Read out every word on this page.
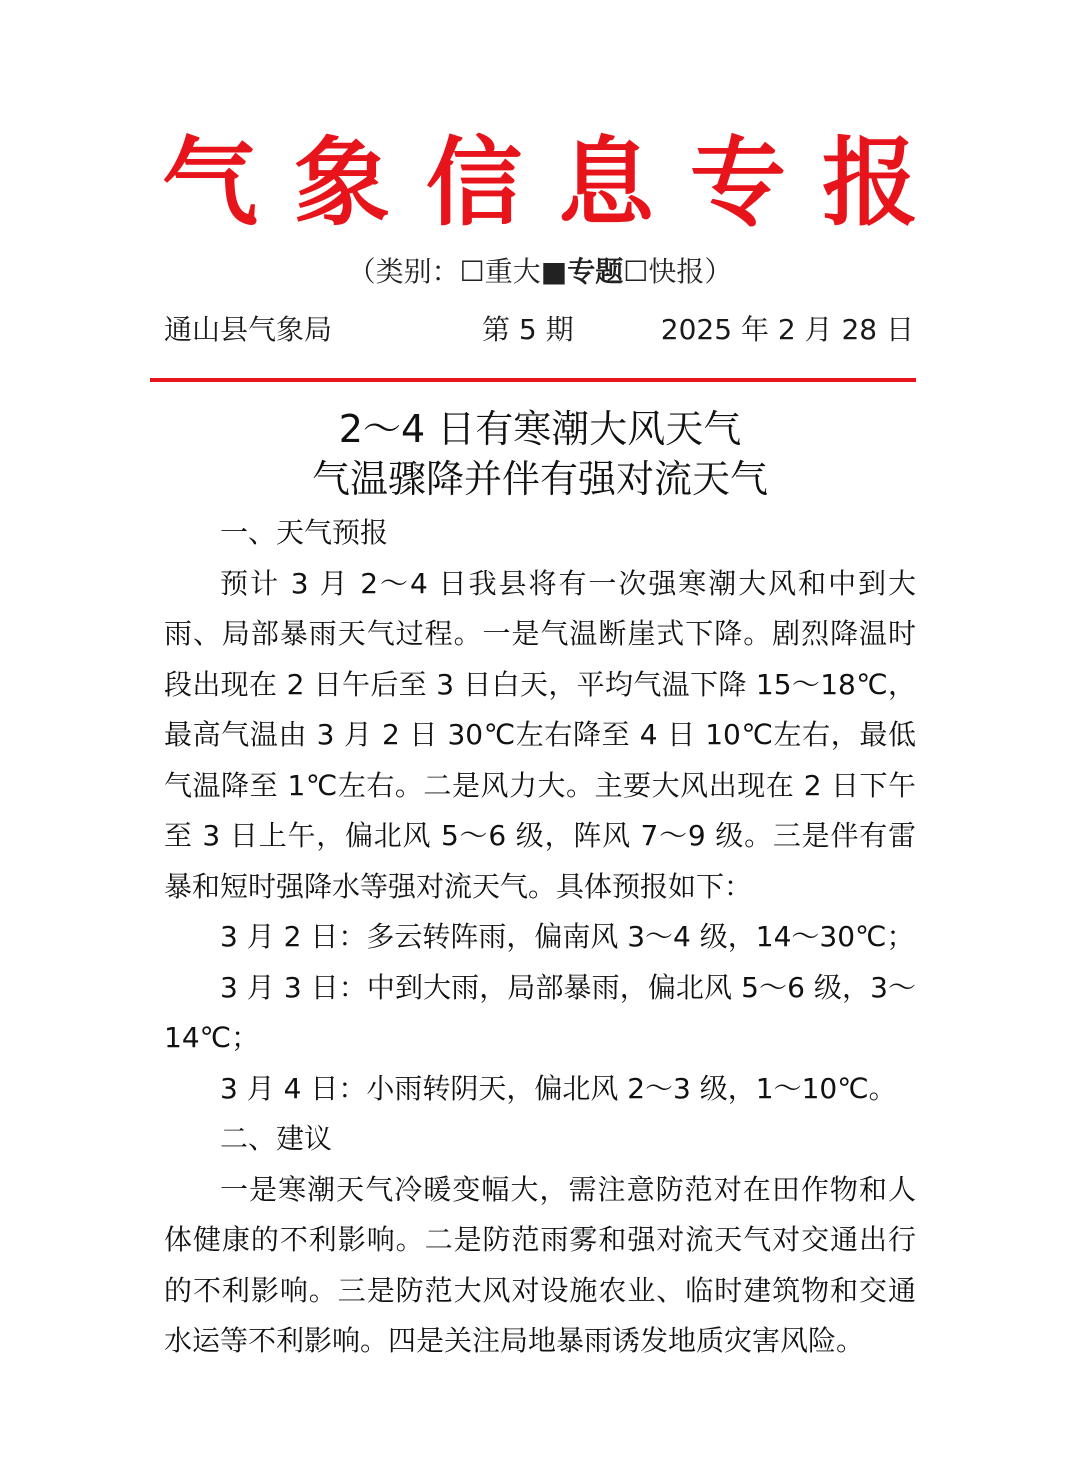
气象信息专报
（类别：☐重大■专题☐快报）
通山县气象局	第 5 期	2025 年 2 月 28 日
2～4 日有寒潮大风天气
气温骤降并伴有强对流天气

一、天气预报

预计 3 月 2～4 日我县将有一次强寒潮大风和中到大雨、局部暴雨天气过程。一是气温断崖式下降。剧烈降温时段出现在 2 日午后至 3 日白天，平均气温下降 15～18℃，最高气温由 3 月 2 日 30℃左右降至 4 日 10℃左右，最低气温降至 1℃左右。二是风力大。主要大风出现在 2 日下午至 3 日上午，偏北风 5～6 级，阵风 7～9 级。三是伴有雷暴和短时强降水等强对流天气。具体预报如下：

3 月 2 日：多云转阵雨，偏南风 3～4 级，14～30℃；

3 月 3 日：中到大雨，局部暴雨，偏北风 5～6 级，3～14℃；

3 月 4 日：小雨转阴天，偏北风 2～3 级，1～10℃。

二、建议

一是寒潮天气冷暖变幅大，需注意防范对在田作物和人体健康的不利影响。二是防范雨雾和强对流天气对交通出行的不利影响。三是防范大风对设施农业、临时建筑物和交通水运等不利影响。四是关注局地暴雨诱发地质灾害风险。
